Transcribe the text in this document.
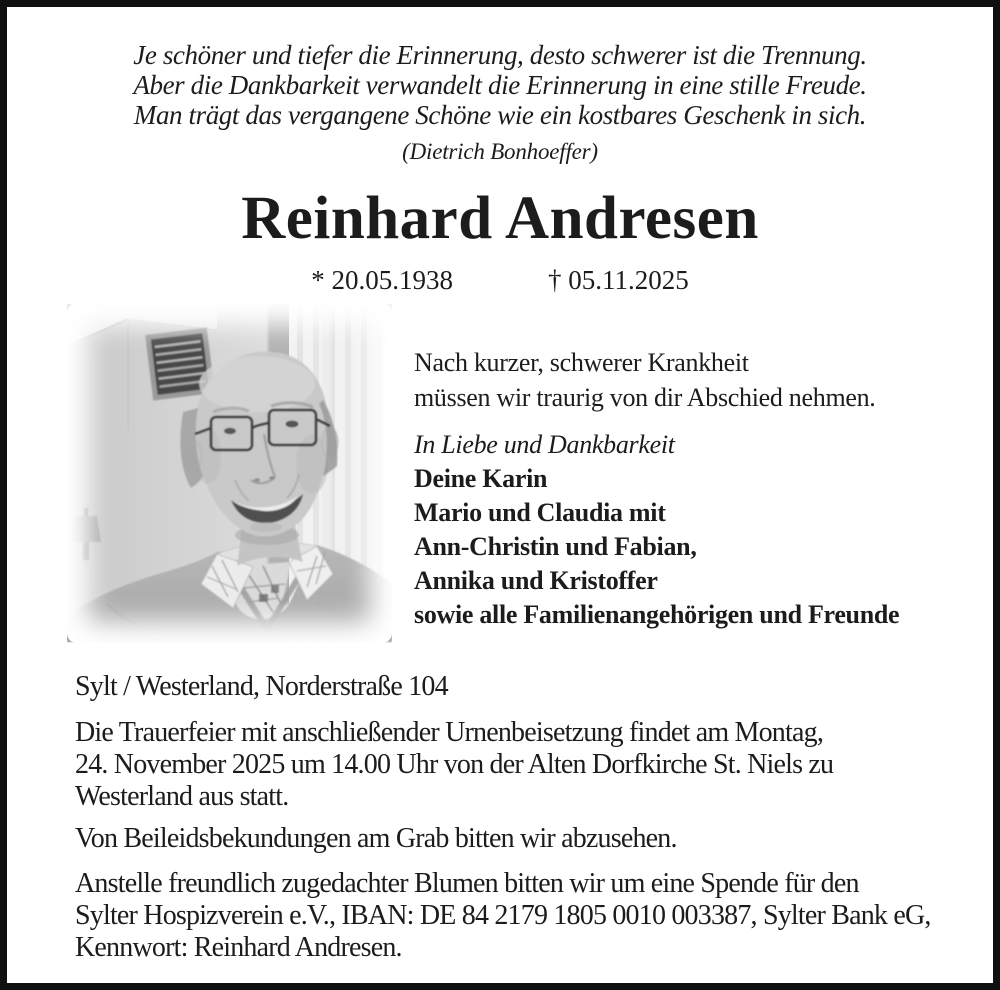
Je schöner und tiefer die Erinnerung, desto schwerer ist die Trennung.
Aber die Dankbarkeit verwandelt die Erinnerung in eine stille Freude.
Man trägt das vergangene Schöne wie ein kostbares Geschenk in sich.
(Dietrich Bonhoeffer)
Reinhard Andresen
* 20.05.1938	† 05.11.2025
Nach kurzer, schwerer Krankheit
müssen wir traurig von dir Abschied nehmen.
In Liebe und Dankbarkeit
Deine Karin
Mario und Claudia mit
Ann-Christin und Fabian,
Annika und Kristoffer
sowie alle Familienangehörigen und Freunde
Sylt / Westerland, Norderstraße 104
Die Trauerfeier mit anschließender Urnenbeisetzung findet am Montag,
24. November 2025 um 14.00 Uhr von der Alten Dorfkirche St. Niels zu
Westerland aus statt.
Von Beileidsbekundungen am Grab bitten wir abzusehen.
Anstelle freundlich zugedachter Blumen bitten wir um eine Spende für den
Sylter Hospizverein e.V., IBAN: DE 84 2179 1805 0010 003387, Sylter Bank eG,
Kennwort: Reinhard Andresen.
